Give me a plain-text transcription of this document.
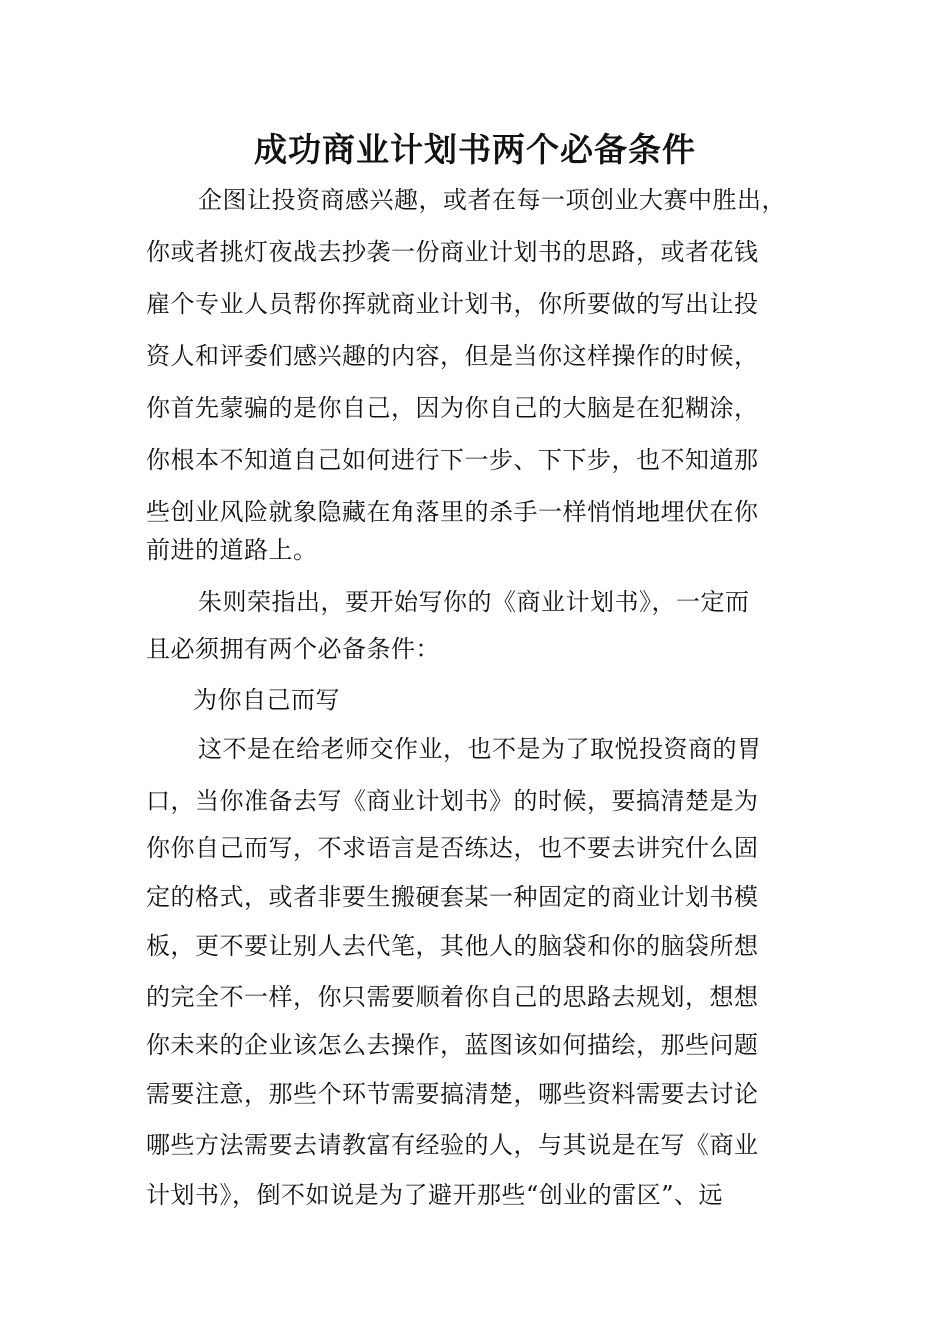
成功商业计划书两个必备条件
企图让投资商感兴趣，或者在每一项创业大赛中胜出，
你或者挑灯夜战去抄袭一份商业计划书的思路，或者花钱
雇个专业人员帮你挥就商业计划书，你所要做的写出让投
资人和评委们感兴趣的内容，但是当你这样操作的时候，
你首先蒙骗的是你自己，因为你自己的大脑是在犯糊涂，
你根本不知道自己如何进行下一步、下下步，也不知道那
些创业风险就象隐藏在角落里的杀手一样悄悄地埋伏在你
前进的道路上。
朱则荣指出，要开始写你的《商业计划书》，一定而
且必须拥有两个必备条件：
为你自己而写
这不是在给老师交作业，也不是为了取悦投资商的胃
口，当你准备去写《商业计划书》的时候，要搞清楚是为
你你自己而写，不求语言是否练达，也不要去讲究什么固
定的格式，或者非要生搬硬套某一种固定的商业计划书模
板，更不要让别人去代笔，其他人的脑袋和你的脑袋所想
的完全不一样，你只需要顺着你自己的思路去规划，想想
你未来的企业该怎么去操作，蓝图该如何描绘，那些问题
需要注意，那些个环节需要搞清楚，哪些资料需要去讨论
哪些方法需要去请教富有经验的人，与其说是在写《商业
计划书》，倒不如说是为了避开那些“创业的雷区”、远
